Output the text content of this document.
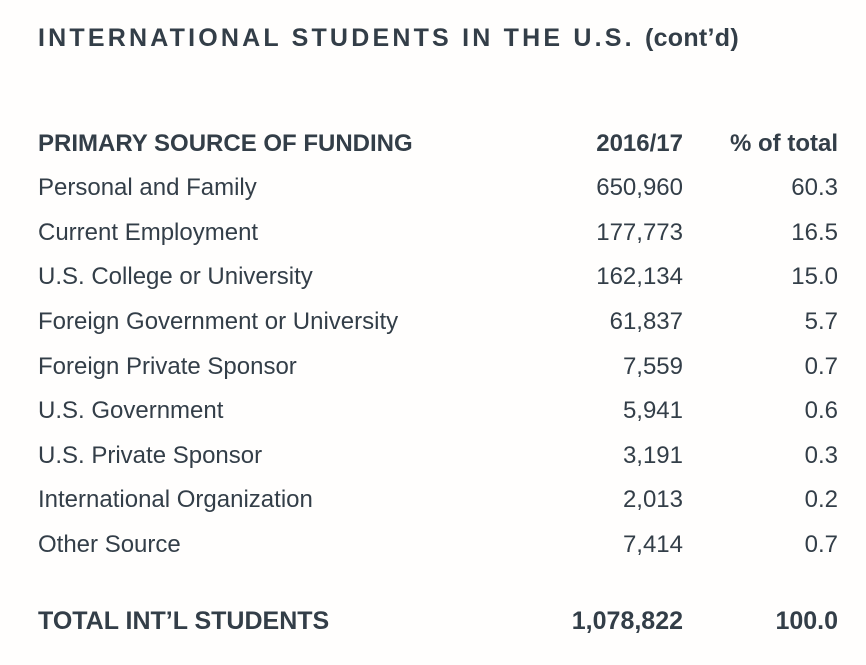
INTERNATIONAL STUDENTS IN THE U.S. (cont’d)
PRIMARY SOURCE OF FUNDING	2016/17	% of total
Personal and Family	650,960	60.3
Current Employment	177,773	16.5
U.S. College or University	162,134	15.0
Foreign Government or University	61,837	5.7
Foreign Private Sponsor	7,559	0.7
U.S. Government	5,941	0.6
U.S. Private Sponsor	3,191	0.3
International Organization	2,013	0.2
Other Source	7,414	0.7
TOTAL INT’L STUDENTS	1,078,822	100.0
